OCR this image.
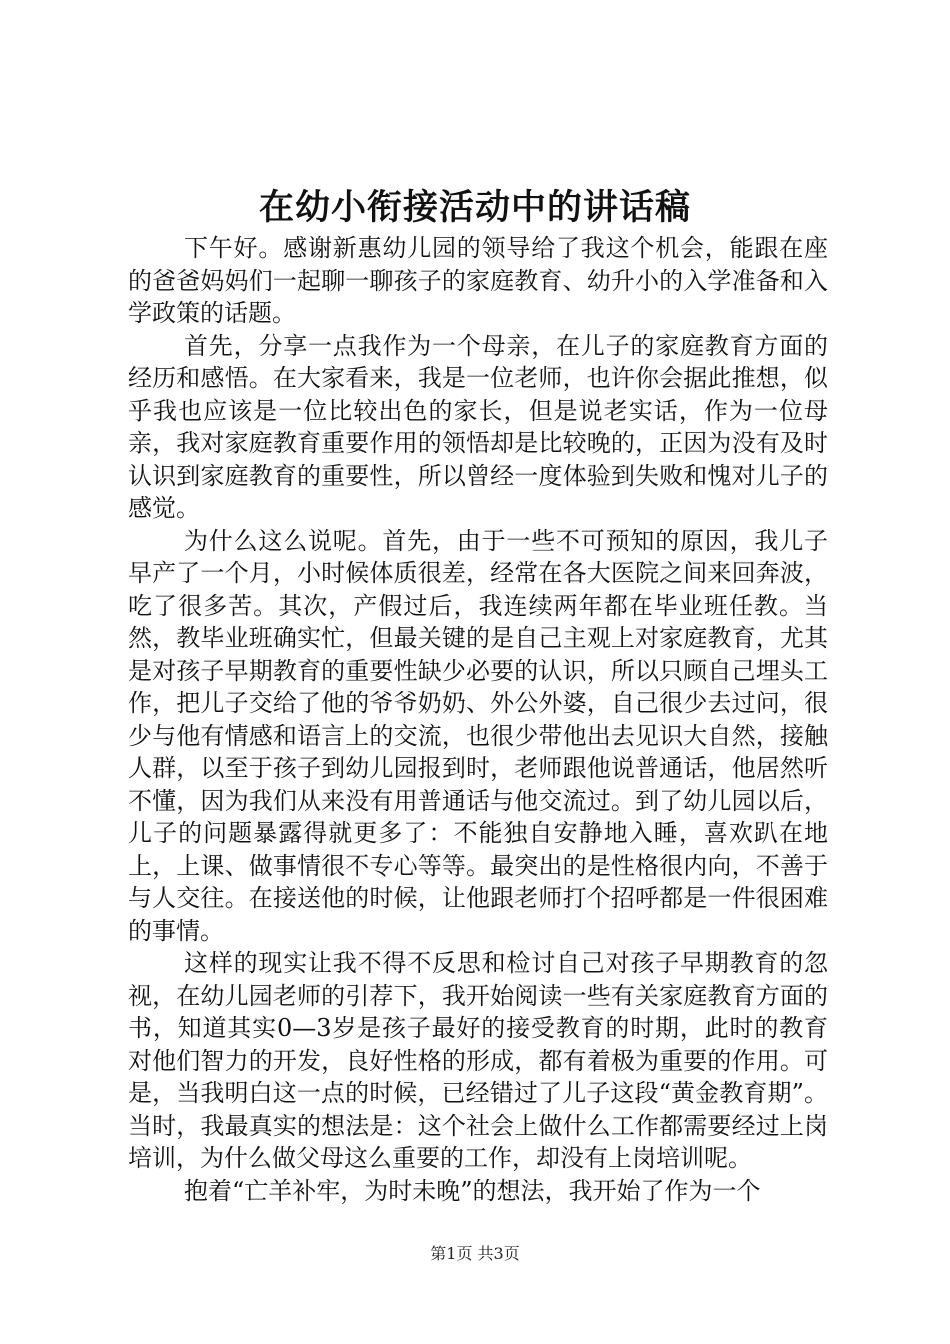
在幼小衔接活动中的讲话稿

下午好。感谢新惠幼儿园的领导给了我这个机会，能跟在座的爸爸妈妈们一起聊一聊孩子的家庭教育、幼升小的入学准备和入学政策的话题。

首先，分享一点我作为一个母亲，在儿子的家庭教育方面的经历和感悟。在大家看来，我是一位老师，也许你会据此推想，似乎我也应该是一位比较出色的家长，但是说老实话，作为一位母亲，我对家庭教育重要作用的领悟却是比较晚的，正因为没有及时认识到家庭教育的重要性，所以曾经一度体验到失败和愧对儿子的感觉。

为什么这么说呢。首先，由于一些不可预知的原因，我儿子早产了一个月，小时候体质很差，经常在各大医院之间来回奔波，吃了很多苦。其次，产假过后，我连续两年都在毕业班任教。当然，教毕业班确实忙，但最关键的是自己主观上对家庭教育，尤其是对孩子早期教育的重要性缺少必要的认识，所以只顾自己埋头工作，把儿子交给了他的爷爷奶奶、外公外婆，自己很少去过问，很少与他有情感和语言上的交流，也很少带他出去见识大自然，接触人群，以至于孩子到幼儿园报到时，老师跟他说普通话，他居然听不懂，因为我们从来没有用普通话与他交流过。到了幼儿园以后，儿子的问题暴露得就更多了：不能独自安静地入睡，喜欢趴在地上，上课、做事情很不专心等等。最突出的是性格很内向，不善于与人交往。在接送他的时候，让他跟老师打个招呼都是一件很困难的事情。

这样的现实让我不得不反思和检讨自己对孩子早期教育的忽视，在幼儿园老师的引荐下，我开始阅读一些有关家庭教育方面的书，知道其实0—3岁是孩子最好的接受教育的时期，此时的教育对他们智力的开发，良好性格的形成，都有着极为重要的作用。可是，当我明白这一点的时候，已经错过了儿子这段“黄金教育期”。当时，我最真实的想法是：这个社会上做什么工作都需要经过上岗培训，为什么做父母这么重要的工作，却没有上岗培训呢。

抱着“亡羊补牢，为时未晚”的想法，我开始了作为一个

第1页 共3页
